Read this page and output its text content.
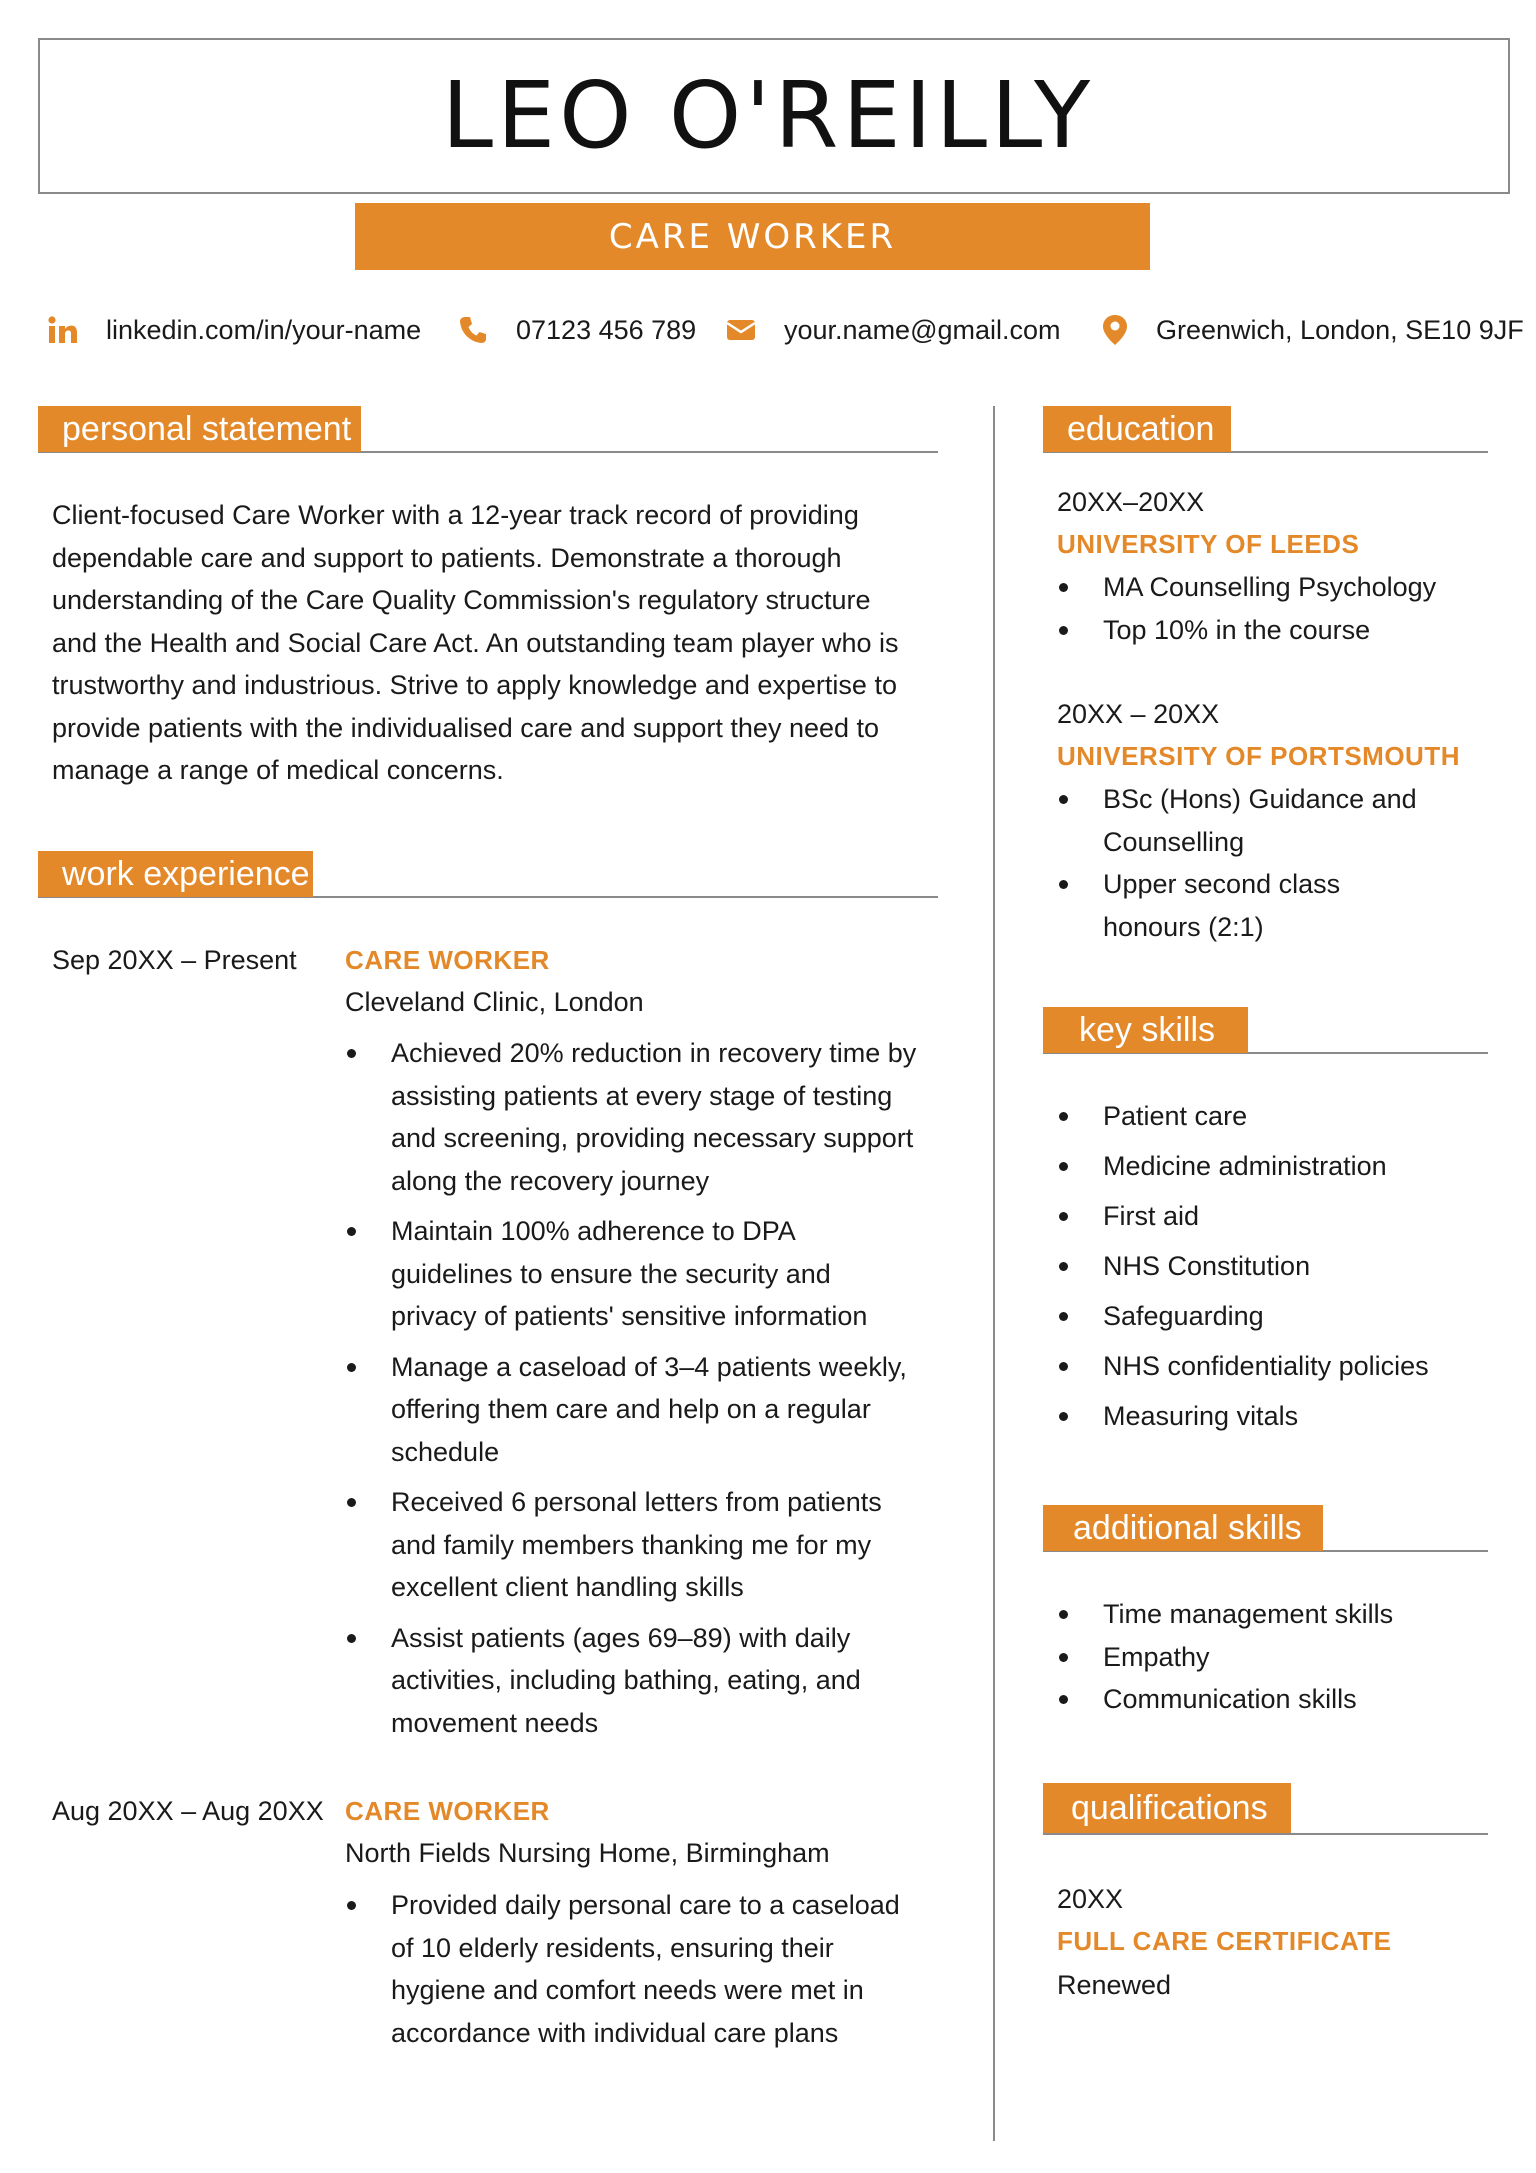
LEO O'REILLY
CARE WORKER
linkedin.com/in/your-name	07123 456 789	your.name@gmail.com	Greenwich, London, SE10 9JF
personal statement
Client-focused Care Worker with a 12-year track record of providing
dependable care and support to patients. Demonstrate a thorough
understanding of the Care Quality Commission's regulatory structure
and the Health and Social Care Act. An outstanding team player who is
trustworthy and industrious. Strive to apply knowledge and expertise to
provide patients with the individualised care and support they need to
manage a range of medical concerns.
work experience
Sep 20XX – Present CARE WORKER
Cleveland Clinic, London
Achieved 20% reduction in recovery time by
assisting patients at every stage of testing
and screening, providing necessary support
along the recovery journey
Maintain 100% adherence to DPA
guidelines to ensure the security and
privacy of patients' sensitive information
Manage a caseload of 3–4 patients weekly,
offering them care and help on a regular
schedule
Received 6 personal letters from patients
and family members thanking me for my
excellent client handling skills
Assist patients (ages 69–89) with daily
activities, including bathing, eating, and
movement needs
Aug 20XX – Aug 20XX CARE WORKER
North Fields Nursing Home, Birmingham
Provided daily personal care to a caseload
of 10 elderly residents, ensuring their
hygiene and comfort needs were met in
accordance with individual care plans
education
20XX–20XX
UNIVERSITY OF LEEDS
MA Counselling Psychology
Top 10% in the course
20XX – 20XX
UNIVERSITY OF PORTSMOUTH
BSc (Hons) Guidance and
Counselling
Upper second class
honours (2:1)
key skills
Patient care
Medicine administration
First aid
NHS Constitution
Safeguarding
NHS confidentiality policies
Measuring vitals
additional skills
Time management skills
Empathy
Communication skills
qualifications
20XX
FULL CARE CERTIFICATE
Renewed
